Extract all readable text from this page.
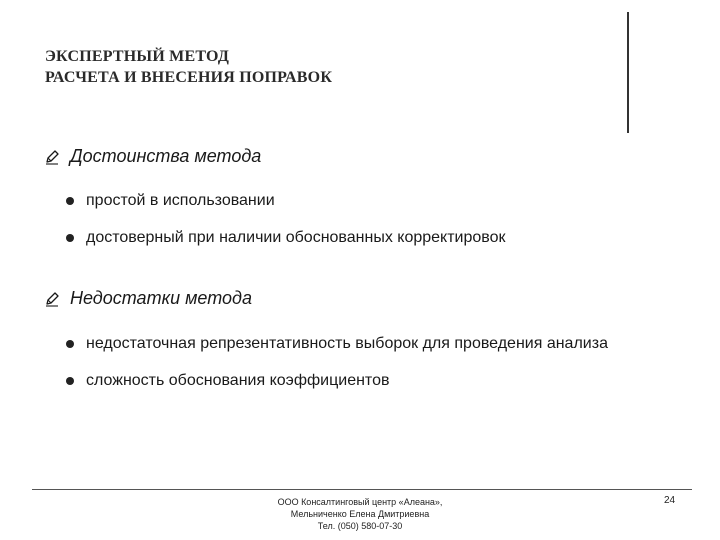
ЭКСПЕРТНЫЙ МЕТОД
РАСЧЕТА И ВНЕСЕНИЯ ПОПРАВОК
Достоинства метода
простой в использовании
достоверный при наличии обоснованных корректировок
Недостатки метода
недостаточная репрезентативность выборок для проведения анализа
сложность обоснования коэффициентов
ООО Консалтинговый центр «Алеана»,
Мельниченко Елена Дмитриевна
Тел. (050) 580-07-30
24
